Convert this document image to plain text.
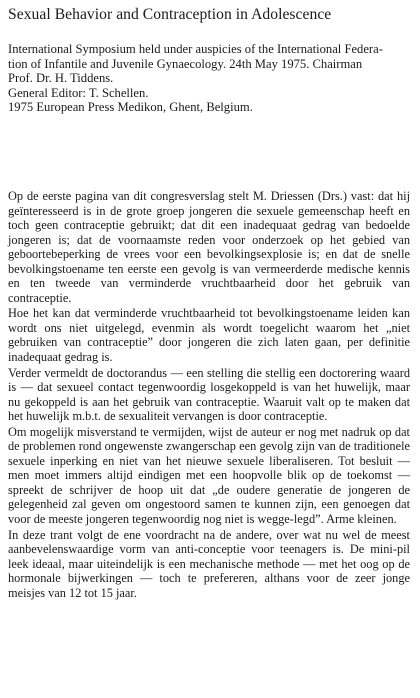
Sexual Behavior and Contraception in Adolescence
International Symposium held under auspicies of the International Federa-
tion of Infantile and Juvenile Gynaecology. 24th May 1975. Chairman
Prof. Dr. H. Tiddens.
General Editor: T. Schellen.
1975 European Press Medikon, Ghent, Belgium.

Op de eerste pagina van dit congresverslag stelt M. Driessen (Drs.) vast: dat hij geïnteresseerd is in de grote groep jongeren die sexuele gemeenschap heeft en toch geen contraceptie gebruikt; dat dit een inadequaat gedrag van bedoelde jongeren is; dat de voornaamste reden voor onderzoek op het gebied van geboortebeperking de vrees voor een bevolkingsexplosie is; en dat de snelle bevolkingstoename ten eerste een gevolg is van vermeerderde medische kennis en ten tweede van verminderde vruchtbaarheid door het gebruik van contraceptie.

Hoe het kan dat verminderde vruchtbaarheid tot bevolkingstoename leiden kan wordt ons niet uitgelegd, evenmin als wordt toegelicht waarom het „niet gebruiken van contraceptie” door jongeren die zich laten gaan, per definitie inadequaat gedrag is.

Verder vermeldt de doctorandus — een stelling die stellig een doctorering waard is — dat sexueel contact tegenwoordig losgekoppeld is van het huwelijk, maar nu gekoppeld is aan het gebruik van contraceptie. Waaruit valt op te maken dat het huwelijk m.b.t. de sexualiteit vervangen is door contraceptie.

Om mogelijk misverstand te vermijden, wijst de auteur er nog met nadruk op dat de problemen rond ongewenste zwangerschap een gevolg zijn van de traditionele sexuele inperking en niet van het nieuwe sexuele liberaliseren. Tot besluit — men moet immers altijd eindigen met een hoopvolle blik op de toekomst — spreekt de schrijver de hoop uit dat „de oudere generatie de jongeren de gelegenheid zal geven om ongestoord samen te kunnen zijn, een genoegen dat voor de meeste jongeren tegenwoordig nog niet is wegge-legd”. Arme kleinen.

In deze trant volgt de ene voordracht na de andere, over wat nu wel de meest aanbevelenswaardige vorm van anti-conceptie voor teenagers is. De mini-pil leek ideaal, maar uiteindelijk is een mechanische methode — met het oog op de hormonale bijwerkingen — toch te prefereren, althans voor de zeer jonge meisjes van 12 tot 15 jaar.
